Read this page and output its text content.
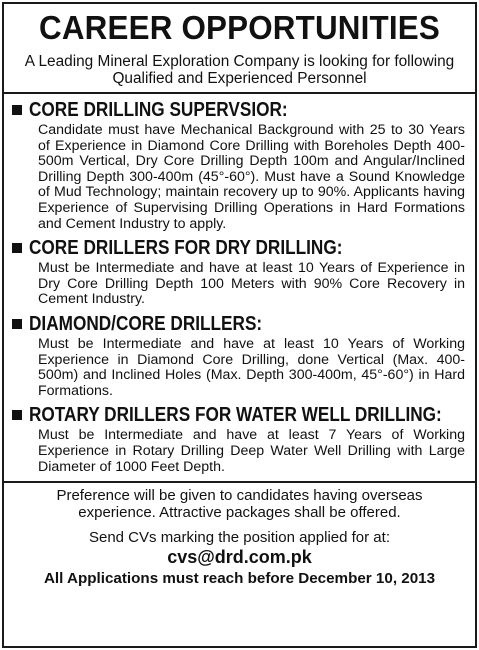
CAREER OPPORTUNITIES
A Leading Mineral Exploration Company is looking for following Qualified and Experienced Personnel
CORE DRILLING SUPERVSIOR:
Candidate must have Mechanical Background with 25 to 30 Years of Experience in Diamond Core Drilling with Boreholes Depth 400-500m Vertical, Dry Core Drilling Depth 100m and Angular/Inclined Drilling Depth 300-400m (45°-60°). Must have a Sound Knowledge of Mud Technology; maintain recovery up to 90%. Applicants having Experience of Supervising Drilling Operations in Hard Formations and Cement Industry to apply.
CORE DRILLERS FOR DRY DRILLING:
Must be Intermediate and have at least 10 Years of Experience in Dry Core Drilling Depth 100 Meters with 90% Core Recovery in Cement Industry.
DIAMOND/CORE DRILLERS:
Must be Intermediate and have at least 10 Years of Working Experience in Diamond Core Drilling, done Vertical (Max. 400-500m) and Inclined Holes (Max. Depth 300-400m, 45°-60°) in Hard Formations.
ROTARY DRILLERS FOR WATER WELL DRILLING:
Must be Intermediate and have at least 7 Years of Working Experience in Rotary Drilling Deep Water Well Drilling with Large Diameter of 1000 Feet Depth.
Preference will be given to candidates having overseas experience. Attractive packages shall be offered.
Send CVs marking the position applied for at:
cvs@drd.com.pk
All Applications must reach before December 10, 2013
